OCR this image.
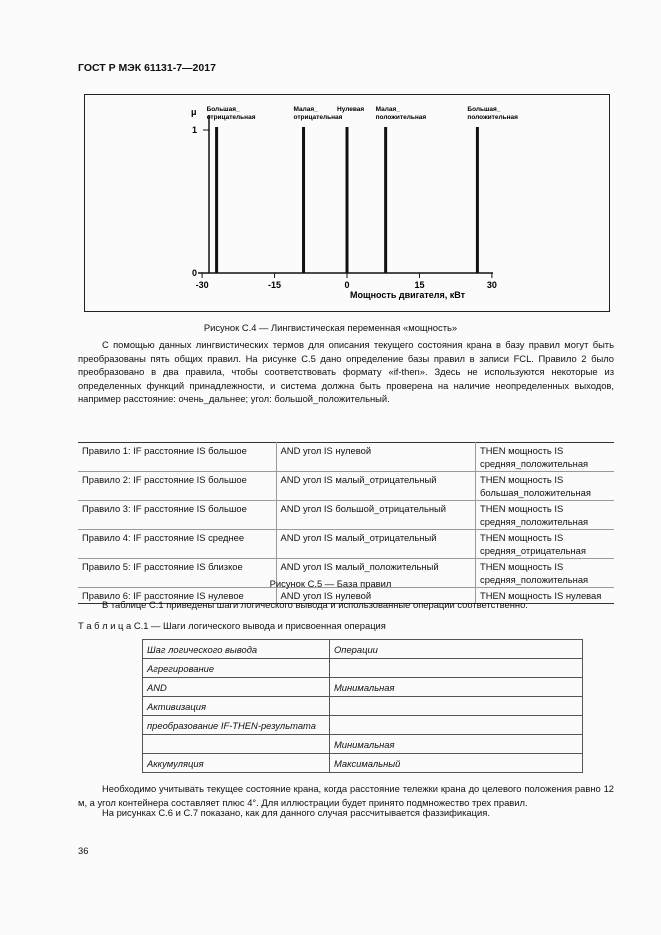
ГОСТ Р МЭК 61131-7—2017
μ
1
0
Мощность двигателя, кВт
-30	-15	0	15	30
Большая_
отрицательная
Малая_
отрицательная
Нулевая Малая_
положительная
Большая_
положительная
Рисунок С.4 — Лингвистическая переменная «мощность»
С помощью данных лингвистических термов для описания текущего состояния крана в базу правил могут быть преобразованы пять общих правил. На рисунке С.5 дано определение базы правил в записи FCL. Правило 2 было преобразовано в два правила, чтобы соответствовать формату «if-then». Здесь не используются некоторые из определенных функций принадлежности, и система должна быть проверена на наличие неопределенных выходов, например расстояние: очень_дальнее; угол: большой_положительный.
Правило 1: IF расстояние IS большое	AND угол IS нулевой	THEN мощность IS средняя_положительная
Правило 2: IF расстояние IS большое	AND угол IS малый_отрицательный	THEN мощность IS большая_положительная
Правило 3: IF расстояние IS большое	AND угол IS большой_отрицательный	THEN мощность IS средняя_положительная
Правило 4: IF расстояние IS среднее	AND угол IS малый_отрицательный	THEN мощность IS средняя_отрицательная
Правило 5: IF расстояние IS близкое	AND угол IS малый_положительный	THEN мощность IS средняя_положительная
Правило 6: IF расстояние IS нулевое	AND угол IS нулевой	THEN мощность IS нулевая
Рисунок С.5 — База правил
В таблице С.1 приведены шаги логического вывода и использованные операции соответственно.
Т а б л и ц а С.1 — Шаги логического вывода и присвоенная операция
Шаг логического вывода	Операции
Агрегирование	
AND	Минимальная
Активизация	
преобразование IF-THEN-результата	
	Минимальная
Аккумуляция	Максимальный
Необходимо учитывать текущее состояние крана, когда расстояние тележки крана до целевого положения равно 12 м, а угол контейнера составляет плюс 4°. Для иллюстрации будет принято подмножество трех правил.
На рисунках С.6 и С.7 показано, как для данного случая рассчитывается фаззификация.
36
